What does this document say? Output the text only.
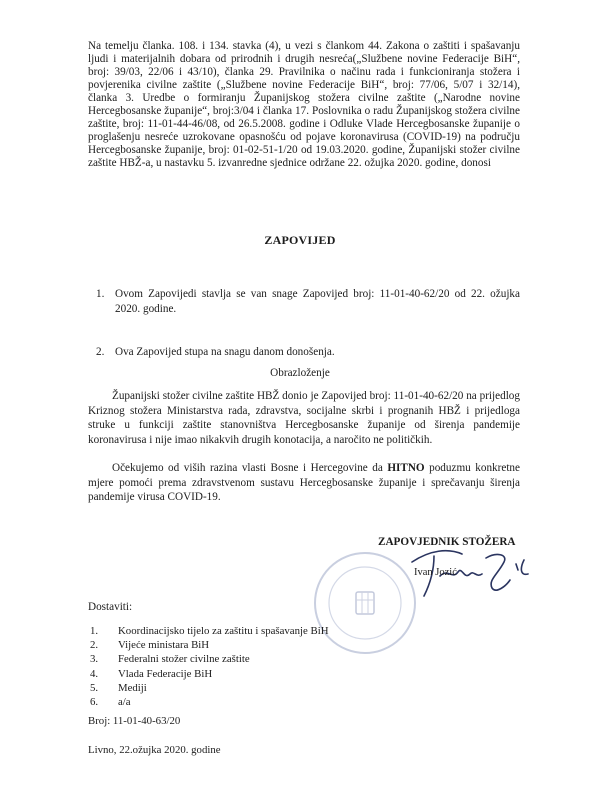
Na temelju članka. 108. i 134. stavka (4), u vezi s člankom 44. Zakona o zaštiti i spašavanju ljudi i materijalnih dobara od prirodnih i drugih nesreća(„Službene novine Federacije BiH“, broj: 39/03, 22/06 i 43/10), članka 29. Pravilnika o načinu rada i funkcioniranja stožera i povjerenika civilne zaštite („Službene novine Federacije BiH“, broj: 77/06, 5/07 i 32/14), članka 3. Uredbe o formiranju Županijskog stožera civilne zaštite („Narodne novine Hercegbosanske županije“, broj:3/04 i članka 17. Poslovnika o radu Županijskog stožera civilne zaštite, broj: 11-01-44-46/08, od 26.5.2008. godine i Odluke Vlade Hercegbosanske županije o proglašenju nesreće uzrokovane opasnošću od pojave koronavirusa (COVID-19) na području Hercegbosanske županije, broj: 01-02-51-1/20 od 19.03.2020. godine, Županijski stožer civilne zaštite HBŽ-a, u nastavku 5. izvanredne sjednice održane 22. ožujka 2020. godine, donosi
ZAPOVIJED
1. Ovom Zapovijedi stavlja se van snage Zapovijed broj: 11-01-40-62/20 od 22. ožujka 2020. godine.
2. Ova Zapovijed stupa na snagu danom donošenja.
Obrazloženje
Županijski stožer civilne zaštite HBŽ donio je Zapovijed broj: 11-01-40-62/20 na prijedlog Kriznog stožera Ministarstva rada, zdravstva, socijalne skrbi i prognanih HBŽ i prijedloga struke u funkciji zaštite stanovništva Hercegbosanske županije od širenja pandemije koronavirusa i nije imao nikakvih drugih konotacija, a naročito ne političkih.
Očekujemo od viših razina vlasti Bosne i Hercegovine da HITNO poduzmu konkretne mjere pomoći prema zdravstvenom sustavu Hercegbosanske županije i sprečavanju širenja pandemije virusa COVID-19.
ZAPOVJEDNIK STOŽERA
Ivan Jozić
Dostaviti:
1. Koordinacijsko tijelo za zaštitu i spašavanje BiH
2. Vijeće ministara BiH
3. Federalni stožer civilne zaštite
4. Vlada Federacije BiH
5. Mediji
6. a/a
Broj: 11-01-40-63/20
Livno, 22.ožujka 2020. godine
